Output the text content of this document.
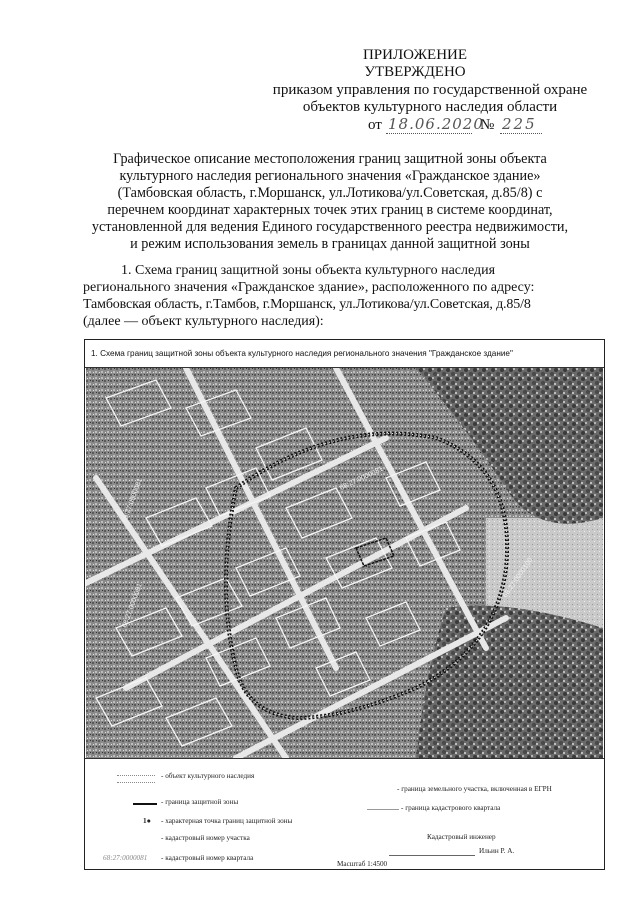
ПРИЛОЖЕНИЕ
УТВЕРЖДЕНО
приказом управления по государственной охране
объектов культурного наследия области
от 18.06.2020
№ 225
Графическое описание местоположения границ защитной зоны объекта
культурного наследия регионального значения «Гражданское здание»
(Тамбовская область, г.Моршанск, ул.Лотикова/ул.Советская, д.85/8) с
перечнем координат характерных точек этих границ в системе координат,
установленной для ведения Единого государственного реестра недвижимости,
и режим использования земель в границах данной защитной зоны
1. Схема границ защитной зоны объекта культурного наследия
регионального значения «Гражданское здание», расположенного по адресу:
Тамбовская область, г.Тамбов, г.Моршанск, ул.Лотикова/ул.Советская, д.85/8
(далее — объект культурного наследия):
1. Схема границ защитной зоны объекта культурного наследия регионального значения "Гражданское здание"
68:27:0000081
68:27:0000081
68:27:0000081
68:27:0000100
- объект культурного наследия
- граница защитной зоны
1● - характерная точка границ защитной зоны
- кадастровый номер участка
68:27:0000081 - кадастровый номер квартала
- граница земельного участка, включенная в ЕГРН
- граница кадастрового квартала
Кадастровый инженер
Ильин Р. А.
Масштаб 1:4500
